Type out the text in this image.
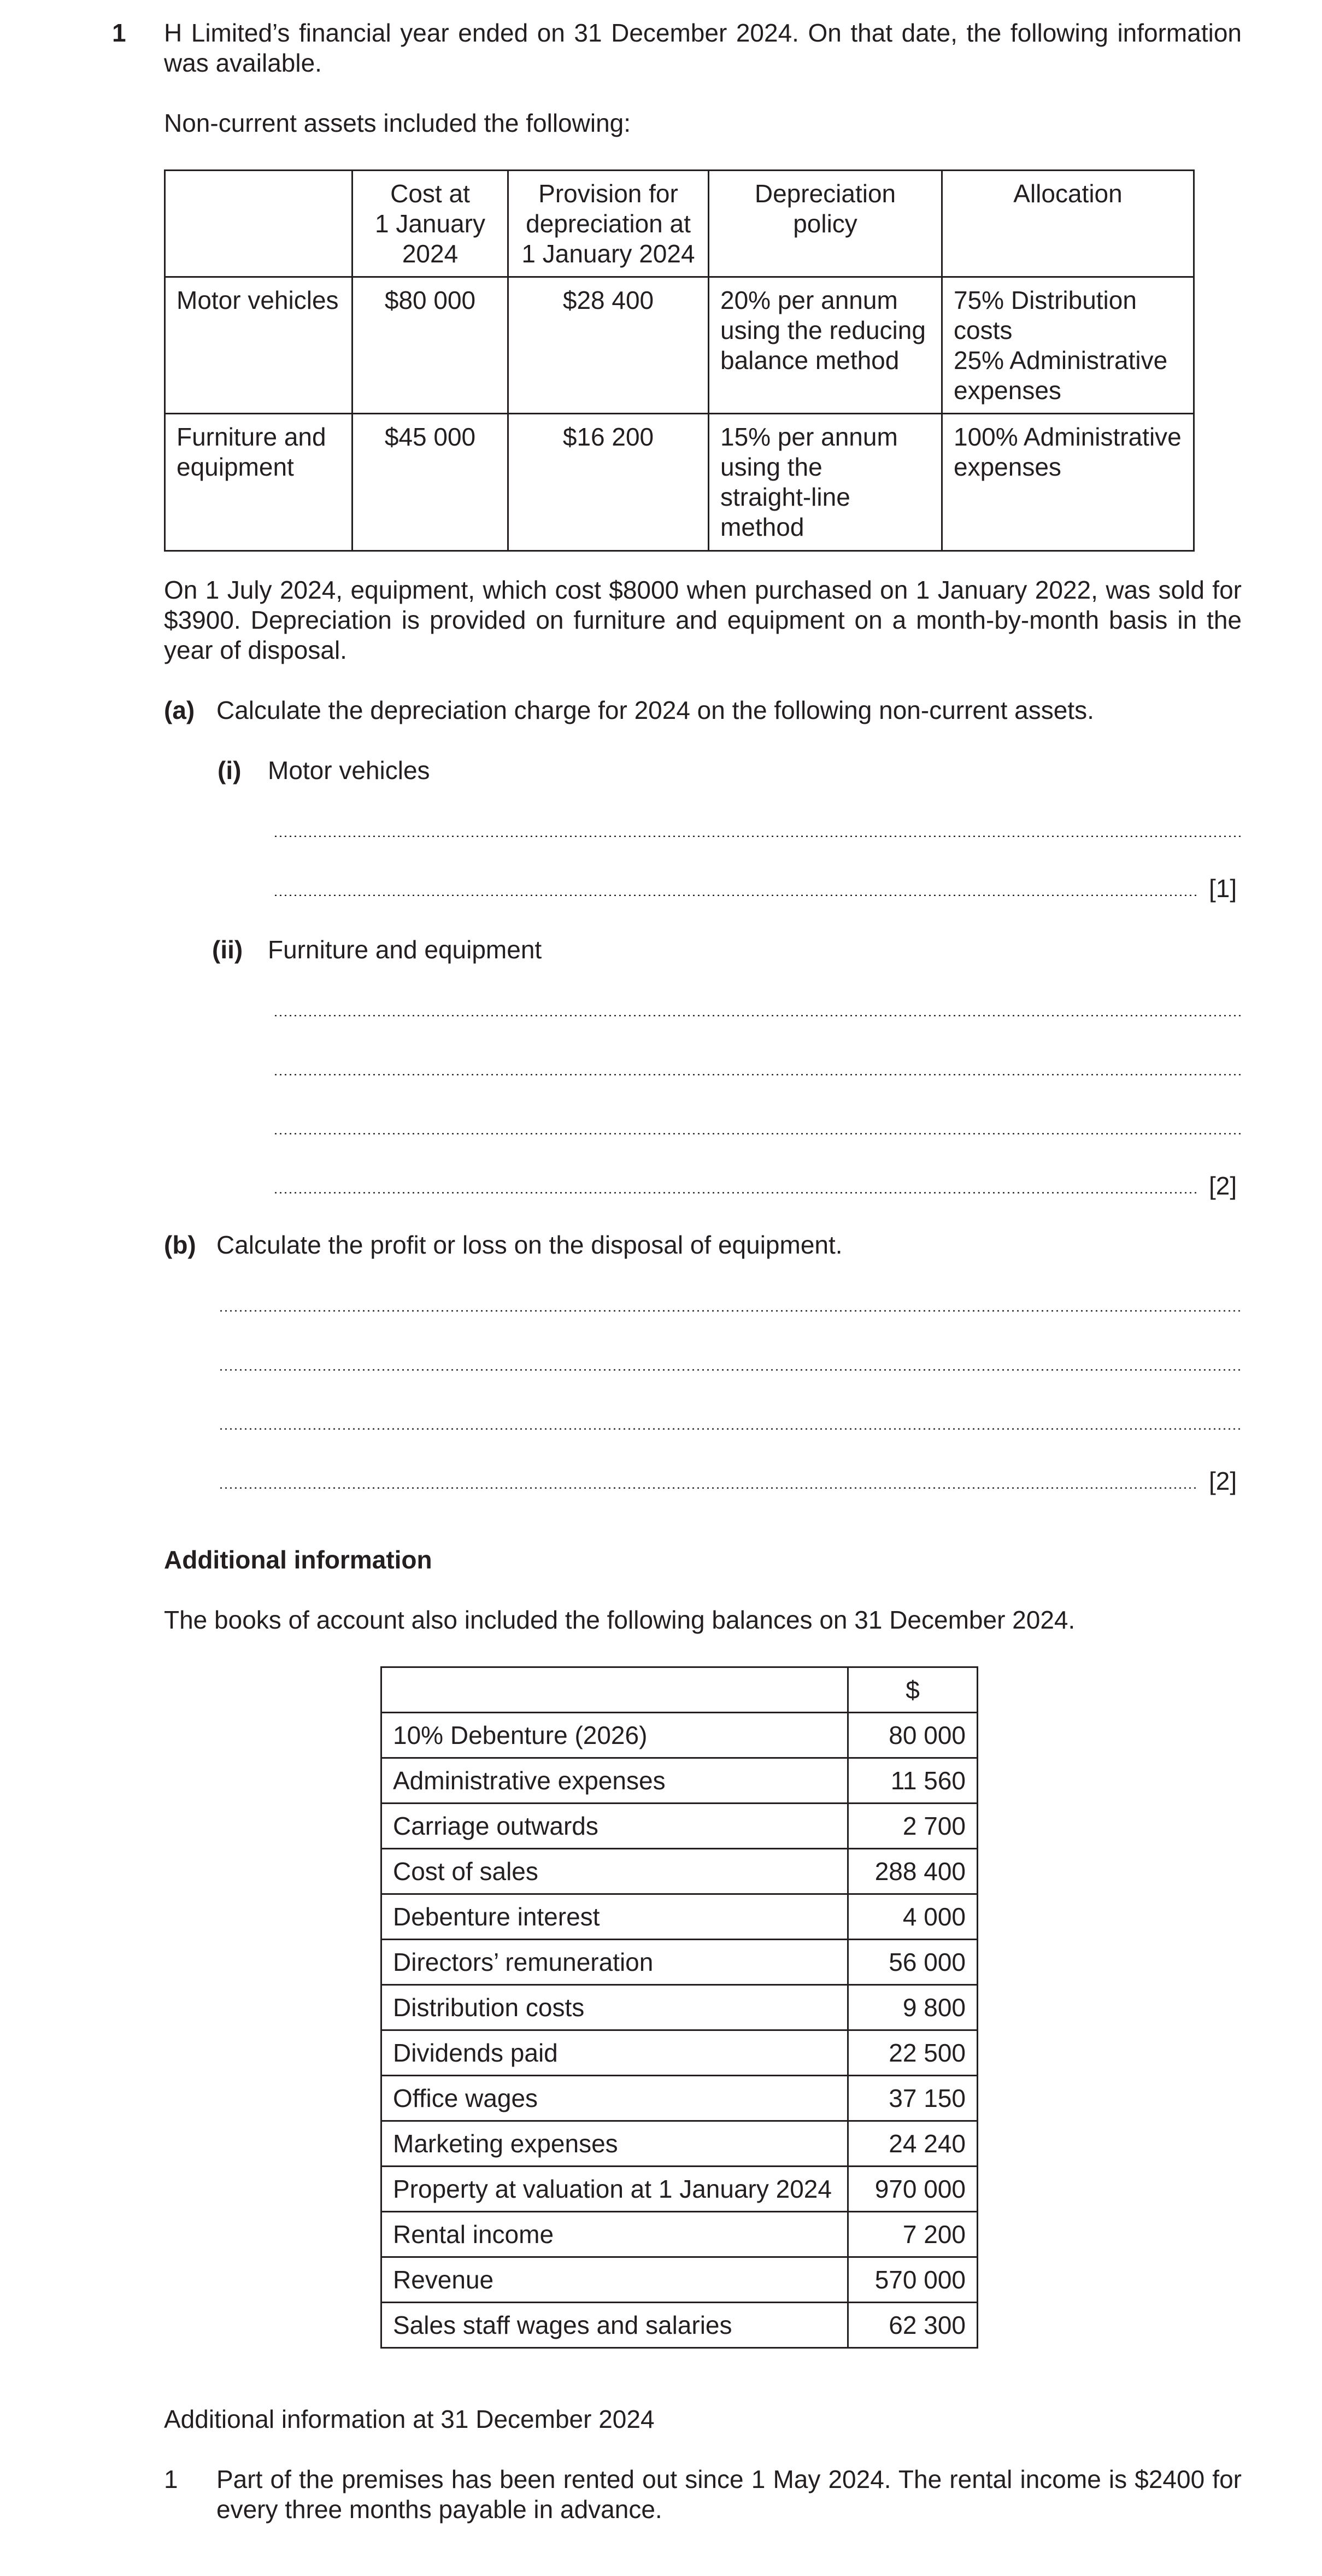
1 H Limited’s financial year ended on 31 December 2024. On that date, the following information was available.
Non-current assets included the following:
	Cost at
1 January
2024	Provision for
depreciation at
1 January 2024	Depreciation
policy	Allocation
Motor vehicles	$80 000	$28 400	20% per annum
using the reducing
balance method	75% Distribution
costs
25% Administrative
expenses
Furniture and
equipment	$45 000	$16 200	15% per annum
using the
straight-line
method	100% Administrative
expenses
On 1 July 2024, equipment, which cost $8000 when purchased on 1 January 2022, was sold for $3900. Depreciation is provided on furniture and equipment on a month-by-month basis in the year of disposal.
(a) Calculate the depreciation charge for 2024 on the following non-current assets.
(i) Motor vehicles
[1]
(ii) Furniture and equipment
[2]
(b) Calculate the profit or loss on the disposal of equipment.
[2]
Additional information
The books of account also included the following balances on 31 December 2024.
	$
10% Debenture (2026)	80 000
Administrative expenses	11 560
Carriage outwards	2 700
Cost of sales	288 400
Debenture interest	4 000
Directors’ remuneration	56 000
Distribution costs	9 800
Dividends paid	22 500
Office wages	37 150
Marketing expenses	24 240
Property at valuation at 1 January 2024	970 000
Rental income	7 200
Revenue	570 000
Sales staff wages and salaries	62 300
Additional information at 31 December 2024
1 Part of the premises has been rented out since 1 May 2024. The rental income is $2400 for every three months payable in advance.
